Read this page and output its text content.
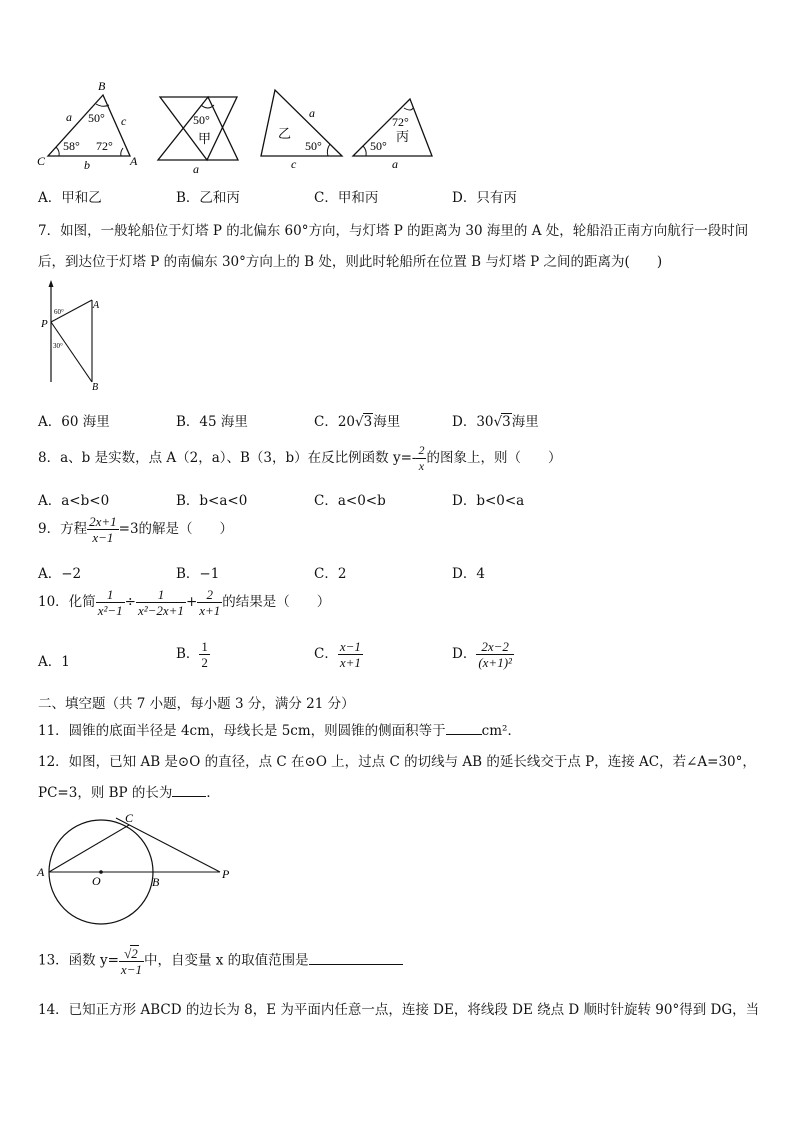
B
C	A
a	c
b
50°
58° 72°
50°
甲
a
乙
a
50°
c
72°
丙
50°
a
A．甲和乙	B．乙和丙	C．甲和丙	D．只有丙
7．如图，一般轮船位于灯塔 P 的北偏东 60°方向，与灯塔 P 的距离为 30 海里的 A 处，轮船沿正南方向航行一段时间
后，到达位于灯塔 P 的南偏东 30°方向上的 B 处，则此时轮船所在位置 B 与灯塔 P 之间的距离为(　　)
P
A
B
60°
30°
A．60 海里	B．45 海里	C．20√3海里	D．30√3海里
8．a、b 是实数，点 A（2，a）、B（3，b）在反比例函数 $y=- \frac{2}{x}$ 的图象上，则（　　）
A．a<b<0	B．b<a<0	C．a<0<b	D．b<0<a
9．方程 $\frac{2x+1}{x-1} =3$的解是（　　）
A．−2	B．−1	C．2	D．4
10．化简 $\frac{1}{\text{x²−1}} \div \frac{1}{\text{x²−2x+1}} + \frac{2}{x+1}$ 的结果是（　　）
A．1	B． $\frac{1}{2}$	C． $\frac{x-1}{x+1}$	D． $\frac{2x-2}{\text{(x+1)²}}$
二、填空题（共 7 小题，每小题 3 分，满分 21 分）
11．圆锥的底面半径是 4cm，母线长是 5cm，则圆锥的侧面积等于	cm²．
12．如图，已知 AB 是⊙O 的直径，点 C 在⊙O 上，过点 C 的切线与 AB 的延长线交于点 P，连接 AC，若∠A=30°，
PC=3，则 BP 的长为	．
A
O	B
C
P
13．函数 $y= \frac{√2}{x-1}$ 中，自变量 x 的取值范围是
14．已知正方形 ABCD 的边长为 8，E 为平面内任意一点，连接 DE，将线段 DE 绕点 D 顺时针旋转 90°得到 DG，当
